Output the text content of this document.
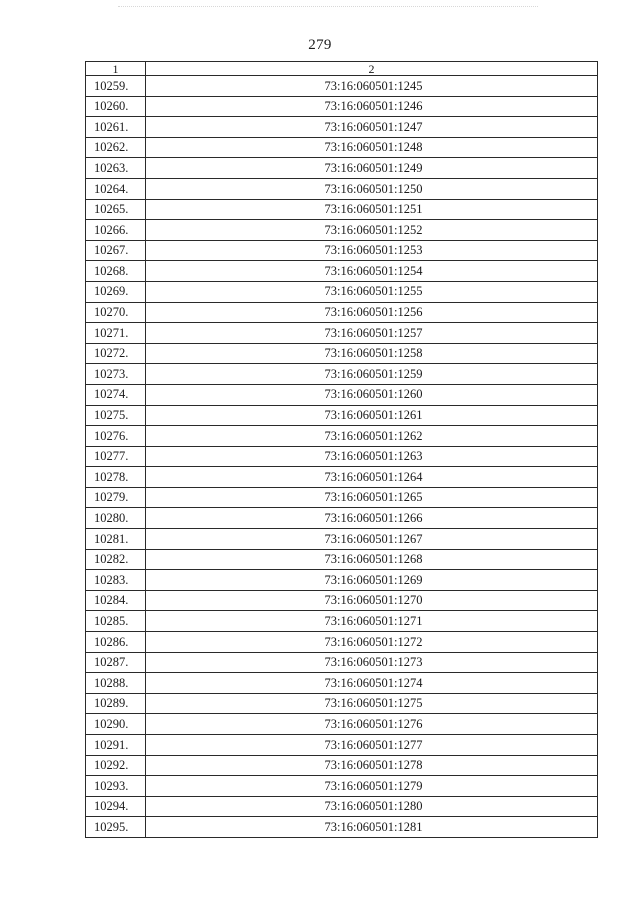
279
1	2
10259.	73:16:060501:1245
10260.	73:16:060501:1246
10261.	73:16:060501:1247
10262.	73:16:060501:1248
10263.	73:16:060501:1249
10264.	73:16:060501:1250
10265.	73:16:060501:1251
10266.	73:16:060501:1252
10267.	73:16:060501:1253
10268.	73:16:060501:1254
10269.	73:16:060501:1255
10270.	73:16:060501:1256
10271.	73:16:060501:1257
10272.	73:16:060501:1258
10273.	73:16:060501:1259
10274.	73:16:060501:1260
10275.	73:16:060501:1261
10276.	73:16:060501:1262
10277.	73:16:060501:1263
10278.	73:16:060501:1264
10279.	73:16:060501:1265
10280.	73:16:060501:1266
10281.	73:16:060501:1267
10282.	73:16:060501:1268
10283.	73:16:060501:1269
10284.	73:16:060501:1270
10285.	73:16:060501:1271
10286.	73:16:060501:1272
10287.	73:16:060501:1273
10288.	73:16:060501:1274
10289.	73:16:060501:1275
10290.	73:16:060501:1276
10291.	73:16:060501:1277
10292.	73:16:060501:1278
10293.	73:16:060501:1279
10294.	73:16:060501:1280
10295.	73:16:060501:1281
